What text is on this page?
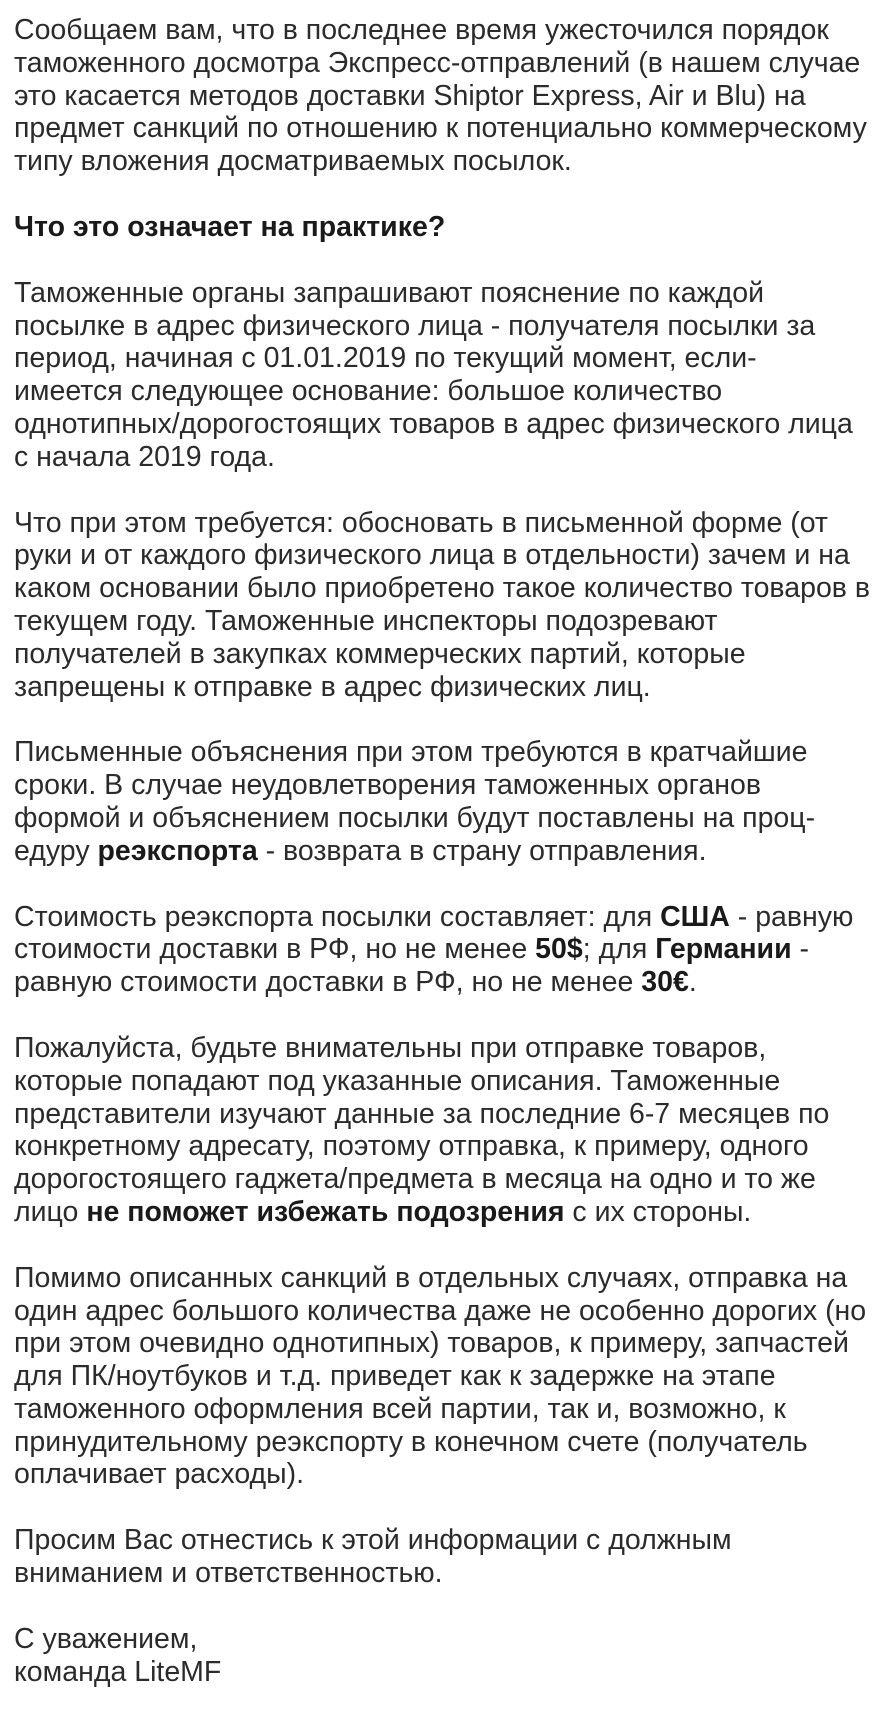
Сообщаем вам, что в последнее время ужесточился порядок таможенного досмотра Экспресс-отправлений (в нашем случае это касается методов доставки Shiptor Express, Air и Blu) на предмет санкций по отношению к потенциально коммерческому типу вложения досматриваемых посылок.

Что это означает на практике?

Таможенные органы запрашивают пояснение по каждой посылке в адрес физического лица - получателя посылки за период, начиная с 01.01.2019 по текущий момент, если- имеется следующее основание: большое количество однотипных/дорогостоящих товаров в адрес физического лица с начала 2019 года.

Что при этом требуется: обосновать в письменной форме (от руки и от каждого физического лица в отдельности) зачем и на каком основании было приобретено такое количество товаров в текущем году. Таможенные инспекторы подозревают получателей в закупках коммерческих партий, которые запрещены к отправке в адрес физических лиц.

Письменные объяснения при этом требуются в кратчайшие сроки. В случае неудовлетворения таможенных органов формой и объяснением посылки будут поставлены на проц- едуру реэкспорта - возврата в страну отправления.

Стоимость реэкспорта посылки составляет: для США - равную стоимости доставки в РФ, но не менее 50$; для Германии - равную стоимости доставки в РФ, но не менее 30€.

Пожалуйста, будьте внимательны при отправке товаров, которые попадают под указанные описания. Таможенные представители изучают данные за последние 6-7 месяцев по конкретному адресату, поэтому отправка, к примеру, одного дорогостоящего гаджета/предмета в месяца на одно и то же лицо не поможет избежать подозрения с их стороны.

Помимо описанных санкций в отдельных случаях, отправка на один адрес большого количества даже не особенно дорогих (но при этом очевидно однотипных) товаров, к примеру, запчастей для ПК/ноутбуков и т.д. приведет как к задержке на этапе таможенного оформления всей партии, так и, возможно, к принудительному реэкспорту в конечном счете (получатель оплачивает расходы).

Просим Вас отнестись к этой информации с должным вниманием и ответственностью.

С уважением,
команда LiteMF
